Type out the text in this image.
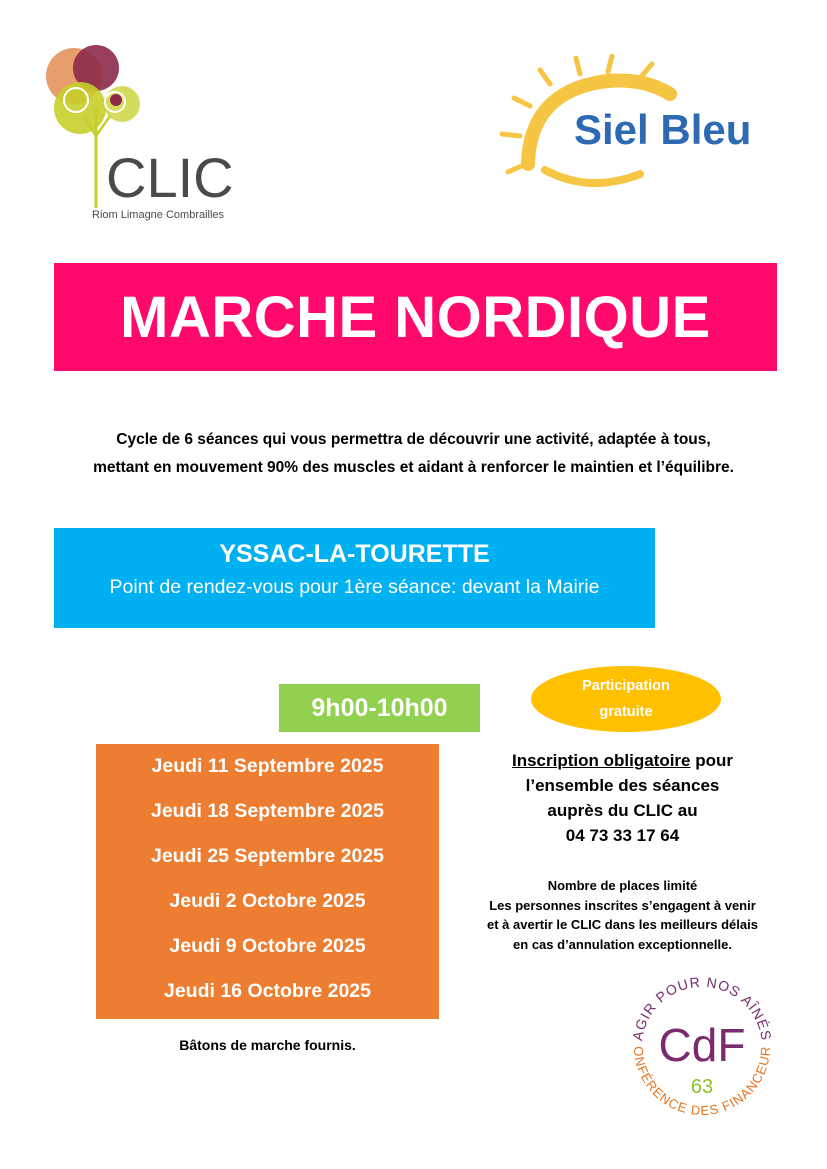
CLIC
Riom Limagne Combrailles
Siel Bleu
MARCHE NORDIQUE
Cycle de 6 séances qui vous permettra de découvrir une activité, adaptée à tous,
mettant en mouvement 90% des muscles et aidant à renforcer le maintien et l’équilibre.
YSSAC-LA-TOURETTE
Point de rendez-vous pour 1ère séance: devant la Mairie
9h00-10h00
Participation
gratuite
Jeudi 11 Septembre 2025
Jeudi 18 Septembre 2025
Jeudi 25 Septembre 2025
Jeudi 2 Octobre 2025
Jeudi 9 Octobre 2025
Jeudi 16 Octobre 2025
Bâtons de marche fournis.
Inscription obligatoire pour
l’ensemble des séances
auprès du CLIC au
04 73 33 17 64
Nombre de places limité
Les personnes inscrites s’engagent à venir
et à avertir le CLIC dans les meilleurs délais
en cas d’annulation exceptionnelle.
AGIR POUR NOS AÎNÉS
ONFÉRENCE DES FINANCEUR
CdF
63
